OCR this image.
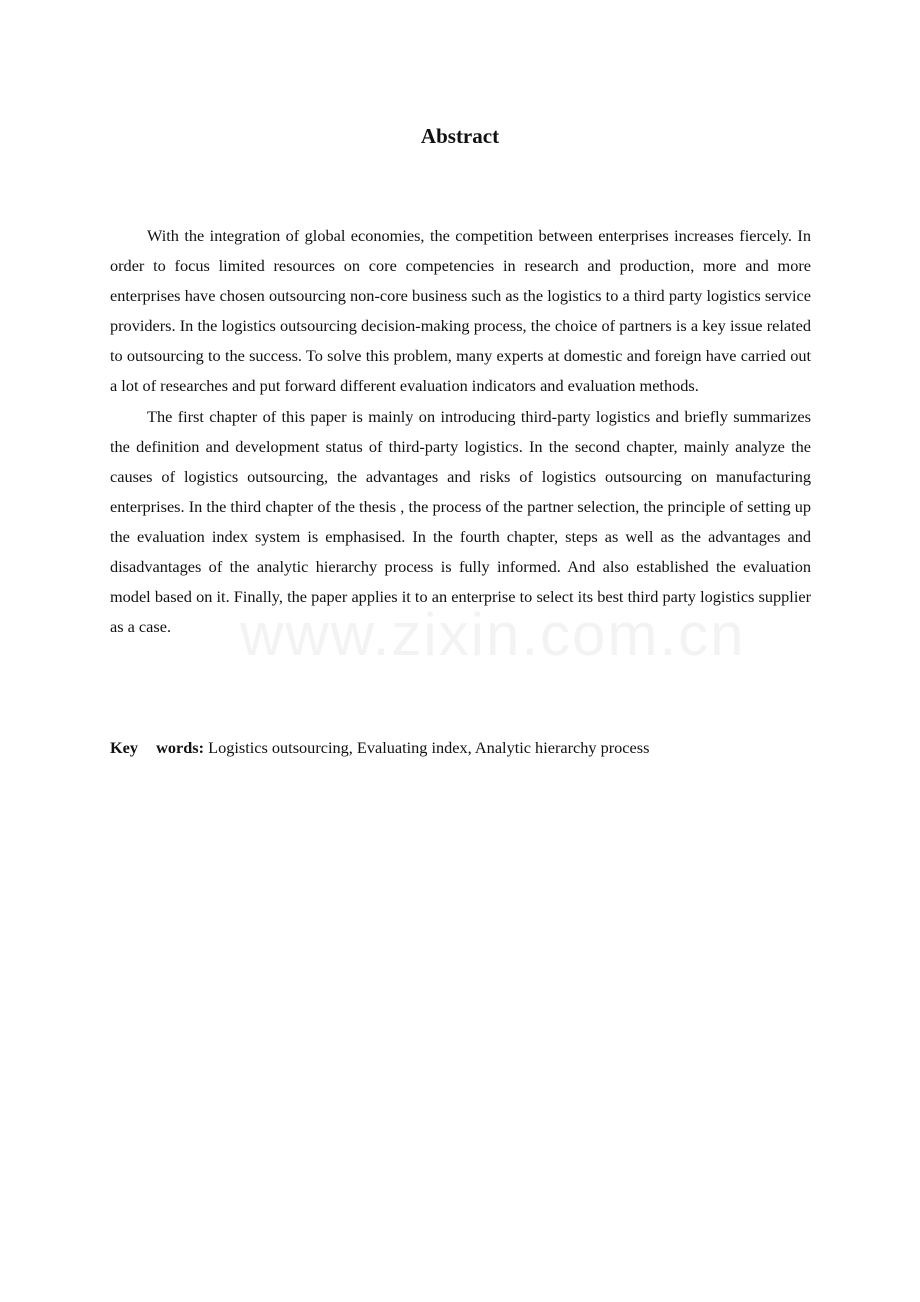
www.zixin.com.cn
Abstract

With the integration of global economies, the competition between enterprises increases fiercely. In order to focus limited resources on core competencies in research and production, more and more enterprises have chosen outsourcing non-core business such as the logistics to a third party logistics service providers. In the logistics outsourcing decision-making process, the choice of partners is a key issue related to outsourcing to the success. To solve this problem, many experts at domestic and foreign have carried out a lot of researches and put forward different evaluation indicators and evaluation methods.

The first chapter of this paper is mainly on introducing third-party logistics and briefly summarizes the definition and development status of third-party logistics. In the second chapter, mainly analyze the causes of logistics outsourcing, the advantages and risks of logistics outsourcing on manufacturing enterprises. In the third chapter of the thesis , the process of the partner selection, the principle of setting up the evaluation index system is emphasised. In the fourth chapter, steps as well as the advantages and disadvantages of the analytic hierarchy process is fully informed. And also established the evaluation model based on it. Finally, the paper applies it to an enterprise to select its best third party logistics supplier as a case.

Key words: Logistics outsourcing, Evaluating index, Analytic hierarchy process
